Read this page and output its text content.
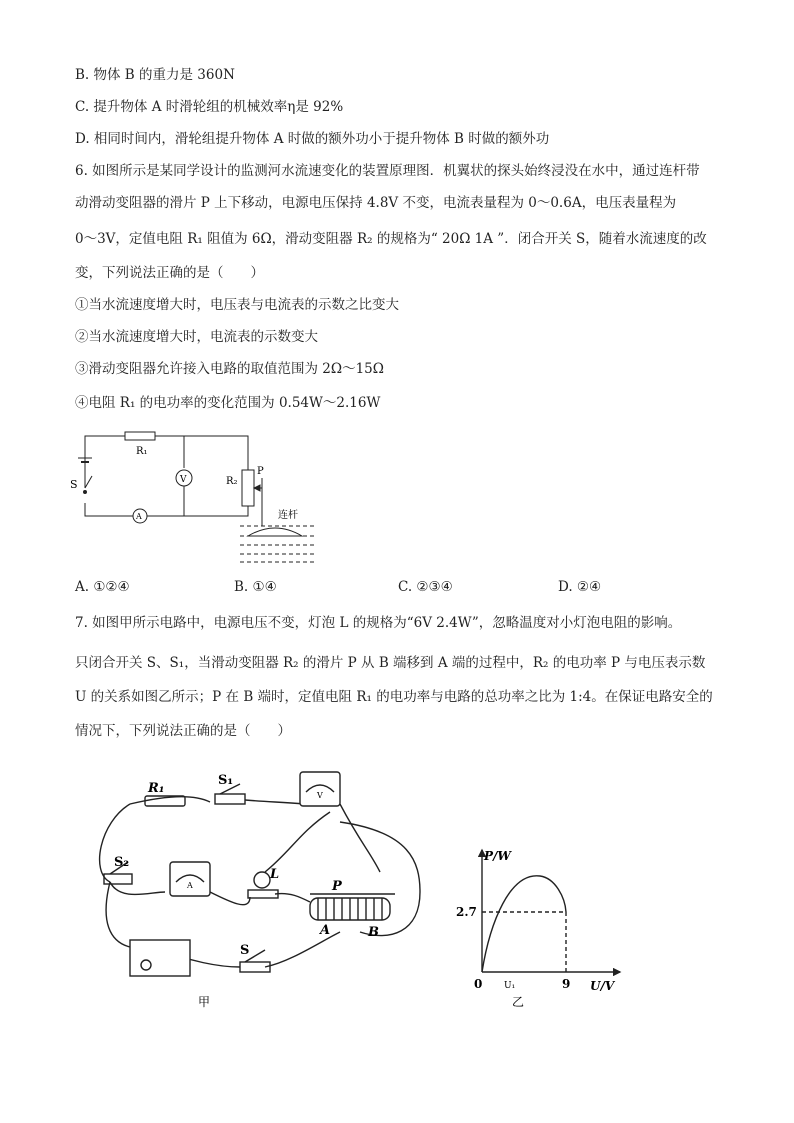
B. 物体 B 的重力是 360N
C. 提升物体 A 时滑轮组的机械效率η是 92%
D. 相同时间内，滑轮组提升物体 A 时做的额外功小于提升物体 B 时做的额外功
6. 如图所示是某同学设计的监测河水流速变化的装置原理图．机翼状的探头始终浸没在水中，通过连杆带
动滑动变阻器的滑片 P 上下移动，电源电压保持 4.8V 不变，电流表量程为 0～0.6A，电压表量程为
0～3V，定值电阻 R₁ 阻值为 6Ω，滑动变阻器 R₂ 的规格为“ 20Ω 1A ”．闭合开关 S，随着水流速度的改
变，下列说法正确的是（　　）
①当水流速度增大时，电压表与电流表的示数之比变大
②当水流速度增大时，电流表的示数变大
③滑动变阻器允许接入电路的取值范围为 2Ω～15Ω
④电阻 R₁ 的电功率的变化范围为 0.54W～2.16W
R₁
V
A
R₂
P
S
连杆
A. ①②④	B. ①④	C. ②③④	D. ②④
7. 如图甲所示电路中，电源电压不变，灯泡 L 的规格为“6V 2.4W”，忽略温度对小灯泡电阻的影响。
只闭合开关 S、S₁，当滑动变阻器 R₂ 的滑片 P 从 B 端移到 A 端的过程中，R₂ 的电功率 P 与电压表示数
U 的关系如图乙所示；P 在 B 端时，定值电阻 R₁ 的电功率与电路的总功率之比为 1:4。在保证电路安全的
情况下，下列说法正确的是（　　）
R₁
S₁
V
S₂
A
L
P
A	B
S
甲
P/W
U/V
0 U₁	9
2.7
乙
